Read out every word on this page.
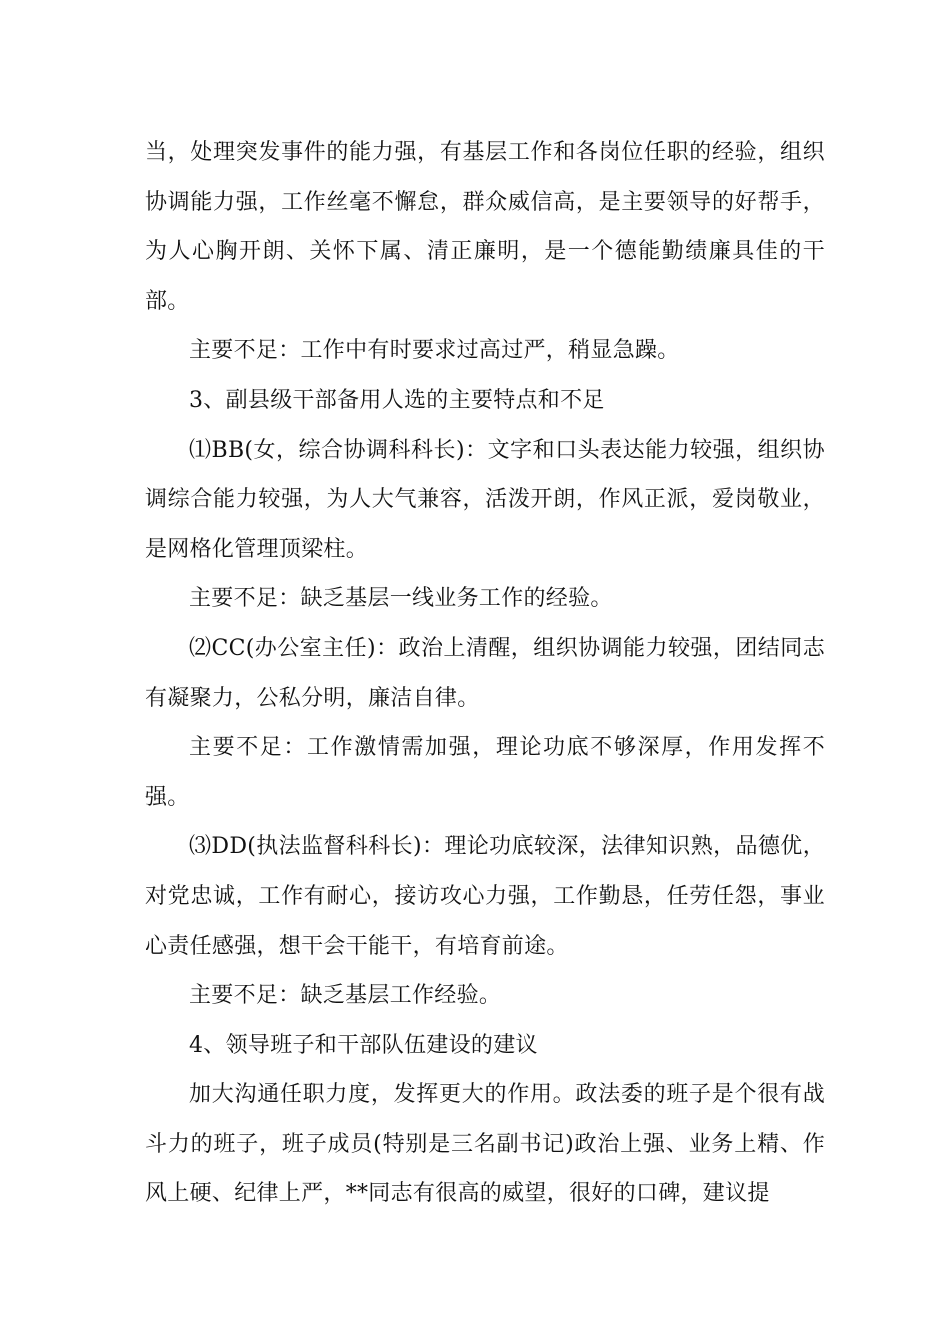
当，处理突发事件的能力强，有基层工作和各岗位任职的经验，组织协调能力强，工作丝毫不懈怠，群众威信高，是主要领导的好帮手，为人心胸开朗、关怀下属、清正廉明，是一个德能勤绩廉具佳的干部。

主要不足：工作中有时要求过高过严，稍显急躁。

3、副县级干部备用人选的主要特点和不足

⑴BB(女，综合协调科科长)：文字和口头表达能力较强，组织协调综合能力较强，为人大气兼容，活泼开朗，作风正派，爱岗敬业，是网格化管理顶梁柱。

主要不足：缺乏基层一线业务工作的经验。

⑵CC(办公室主任)：政治上清醒，组织协调能力较强，团结同志有凝聚力，公私分明，廉洁自律。

主要不足：工作激情需加强，理论功底不够深厚，作用发挥不强。

⑶DD(执法监督科科长)：理论功底较深，法律知识熟，品德优，对党忠诚，工作有耐心，接访攻心力强，工作勤恳，任劳任怨，事业心责任感强，想干会干能干，有培育前途。

主要不足：缺乏基层工作经验。

4、领导班子和干部队伍建设的建议

加大沟通任职力度，发挥更大的作用。政法委的班子是个很有战斗力的班子，班子成员(特别是三名副书记)政治上强、业务上精、作风上硬、纪律上严，**同志有很高的威望，很好的口碑，建议提
